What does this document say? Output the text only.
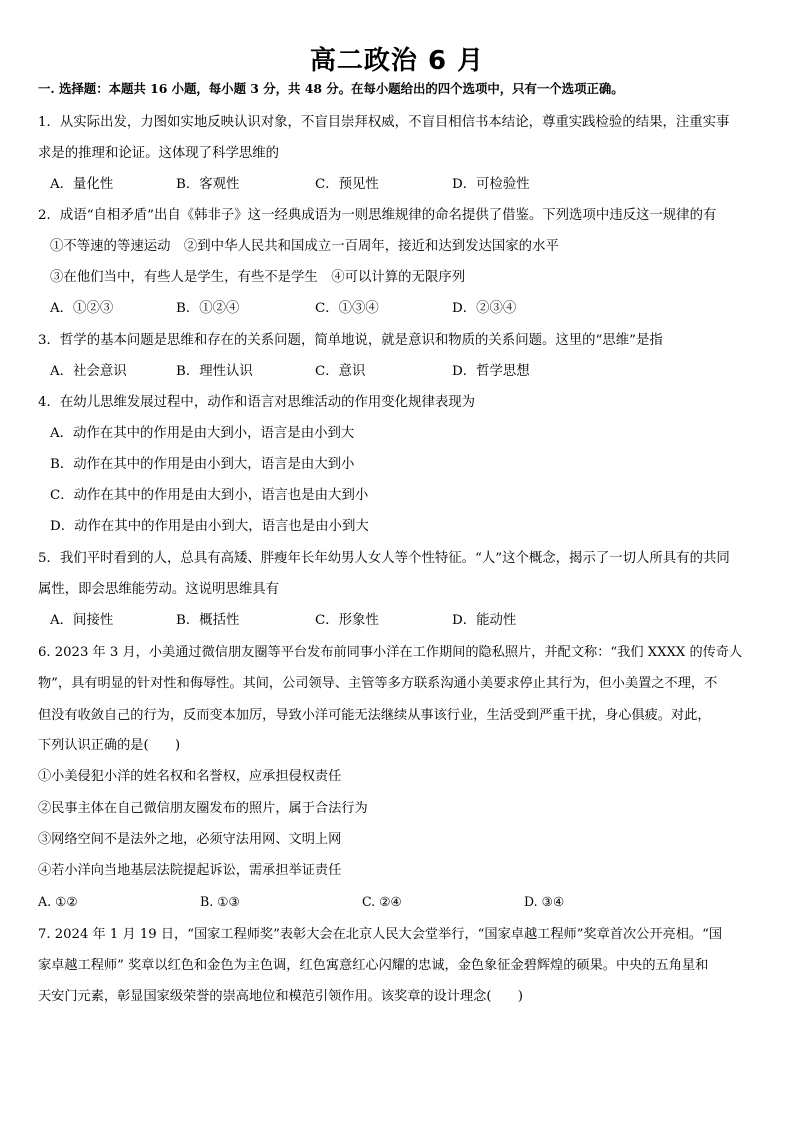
高二政治 6 月
一. 选择题：本题共 16 小题，每小题 3 分，共 48 分。在每小题给出的四个选项中，只有一个选项正确。
1．从实际出发，力图如实地反映认识对象，不盲目崇拜权威，不盲目相信书本结论，尊重实践检验的结果，注重实事
求是的推理和论证。这体现了科学思维的
A．量化性	B．客观性	C．预见性	D．可检验性
2．成语“自相矛盾”出自《韩非子》这一经典成语为一则思维规律的命名提供了借鉴。下列选项中违反这一规律的有
①不等速的等速运动　②到中华人民共和国成立一百周年，接近和达到发达国家的水平
③在他们当中，有些人是学生，有些不是学生　④可以计算的无限序列
A．①②③	B．①②④	C．①③④	D．②③④
3．哲学的基本问题是思维和存在的关系问题，简单地说，就是意识和物质的关系问题。这里的“思维”是指
A．社会意识	B．理性认识	C．意识	D．哲学思想
4．在幼儿思维发展过程中，动作和语言对思维活动的作用变化规律表现为
A．动作在其中的作用是由大到小，语言是由小到大
B．动作在其中的作用是由小到大，语言是由大到小
C．动作在其中的作用是由大到小，语言也是由大到小
D．动作在其中的作用是由小到大，语言也是由小到大
5．我们平时看到的人，总具有高矮、胖瘦年长年幼男人女人等个性特征。“人”这个概念，揭示了一切人所具有的共同
属性，即会思维能劳动。这说明思维具有
A．间接性	B．概括性	C．形象性	D．能动性
6. 2023 年 3 月，小美通过微信朋友圈等平台发布前同事小洋在工作期间的隐私照片，并配文称：“我们 XXXX 的传奇人
物”，具有明显的针对性和侮辱性。其间，公司领导、主管等多方联系沟通小美要求停止其行为，但小美置之不理，不
但没有收敛自己的行为，反而变本加厉，导致小洋可能无法继续从事该行业，生活受到严重干扰，身心俱疲。对此，
下列认识正确的是(　　)
①小美侵犯小洋的姓名权和名誉权，应承担侵权责任
②民事主体在自己微信朋友圈发布的照片，属于合法行为
③网络空间不是法外之地，必须守法用网、文明上网
④若小洋向当地基层法院提起诉讼，需承担举证责任
A. ①②	B. ①③	C. ②④	D. ③④
7. 2024 年 1 月 19 日，“国家工程师奖”表彰大会在北京人民大会堂举行，“国家卓越工程师”奖章首次公开亮相。“国
家卓越工程师” 奖章以红色和金色为主色调，红色寓意红心闪耀的忠诚，金色象征金碧辉煌的硕果。中央的五角星和
天安门元素，彰显国家级荣誉的崇高地位和模范引领作用。该奖章的设计理念(　　)
